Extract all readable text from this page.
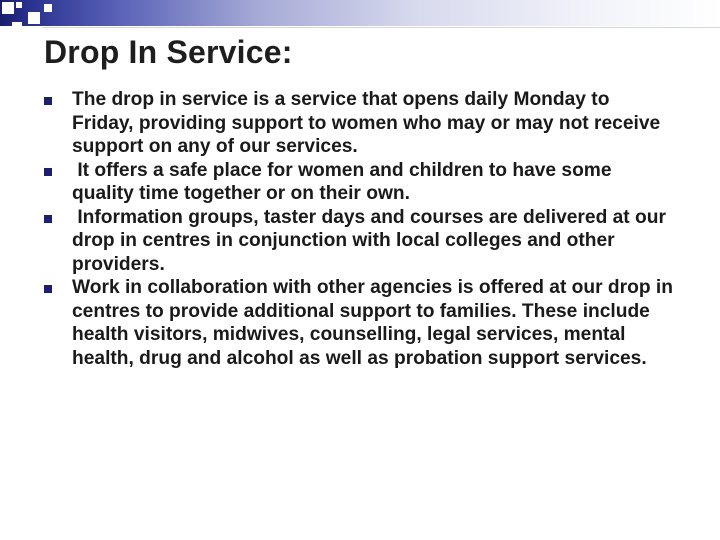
Drop In Service:
The drop in service is a service that opens daily Monday to Friday, providing support to women who may or may not receive support on any of our services.
It offers a safe place for women and children to have some quality time together or on their own.
Information groups, taster days and courses are delivered at our drop in centres in conjunction with local colleges and other providers.
Work in collaboration with other agencies is offered at our drop in centres to provide additional support to families. These include health visitors, midwives, counselling, legal services, mental health, drug and alcohol as well as probation support services.
